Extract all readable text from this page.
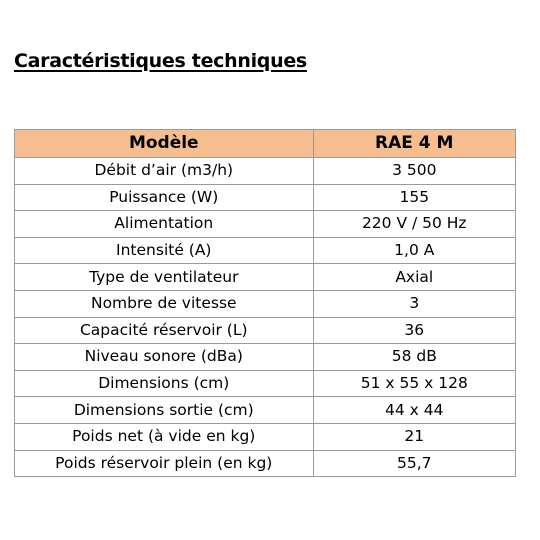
Caractéristiques techniques
Modèle	RAE 4 M
Débit d’air (m3/h)	3 500
Puissance (W)	155
Alimentation	220 V / 50 Hz
Intensité (A)	1,0 A
Type de ventilateur	Axial
Nombre de vitesse	3
Capacité réservoir (L)	36
Niveau sonore (dBa)	58 dB
Dimensions (cm)	51 x 55 x 128
Dimensions sortie (cm)	44 x 44
Poids net (à vide en kg)	21
Poids réservoir plein (en kg)	55,7
